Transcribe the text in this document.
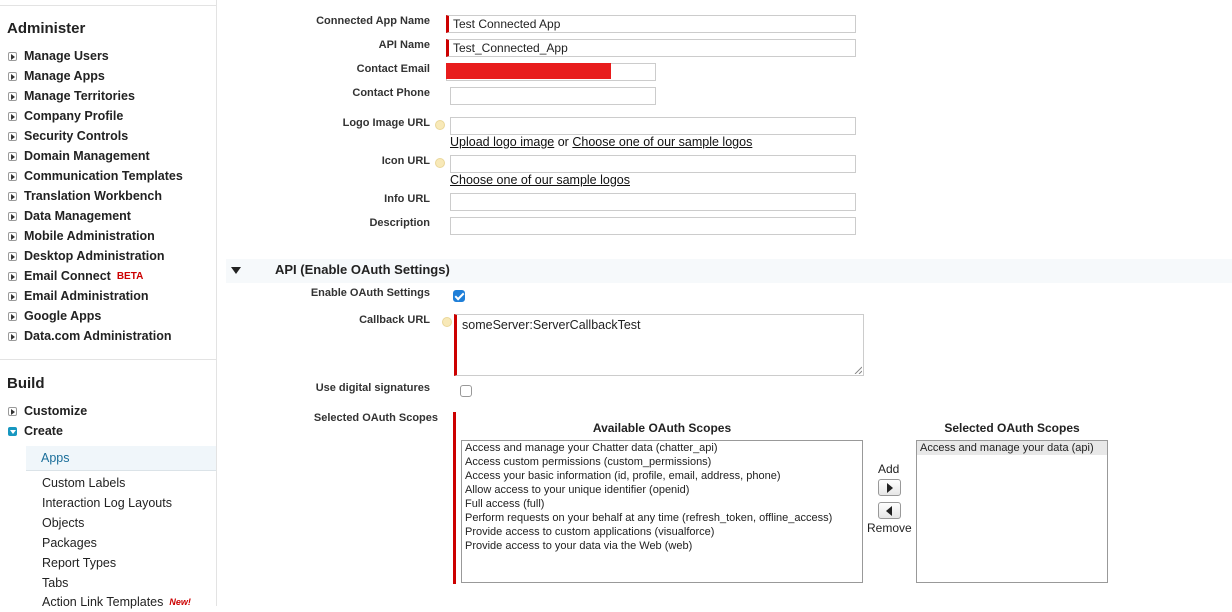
Administer
Manage Users
Manage Apps
Manage Territories
Company Profile
Security Controls
Domain Management
Communication Templates
Translation Workbench
Data Management
Mobile Administration
Desktop Administration
Email Connect BETA
Email Administration
Google Apps
Data.com Administration
Build
Customize
Create
Apps
Custom Labels
Interaction Log Layouts
Objects
Packages
Report Types
Tabs
Action Link Templates New!
Connected App Name
Test Connected App
API Name
Test_Connected_App
Contact Email
Contact Phone
Logo Image URL
Upload logo image or Choose one of our sample logos
Icon URL
Choose one of our sample logos
Info URL
Description
API (Enable OAuth Settings)
Enable OAuth Settings
Callback URL
someServer:ServerCallbackTest
Use digital signatures
Selected OAuth Scopes
Available OAuth Scopes
Access and manage your Chatter data (chatter_api)
Access custom permissions (custom_permissions)
Access your basic information (id, profile, email, address, phone)
Allow access to your unique identifier (openid)
Full access (full)
Perform requests on your behalf at any time (refresh_token, offline_access)
Provide access to custom applications (visualforce)
Provide access to your data via the Web (web)
Add
Remove
Selected OAuth Scopes
Access and manage your data (api)
